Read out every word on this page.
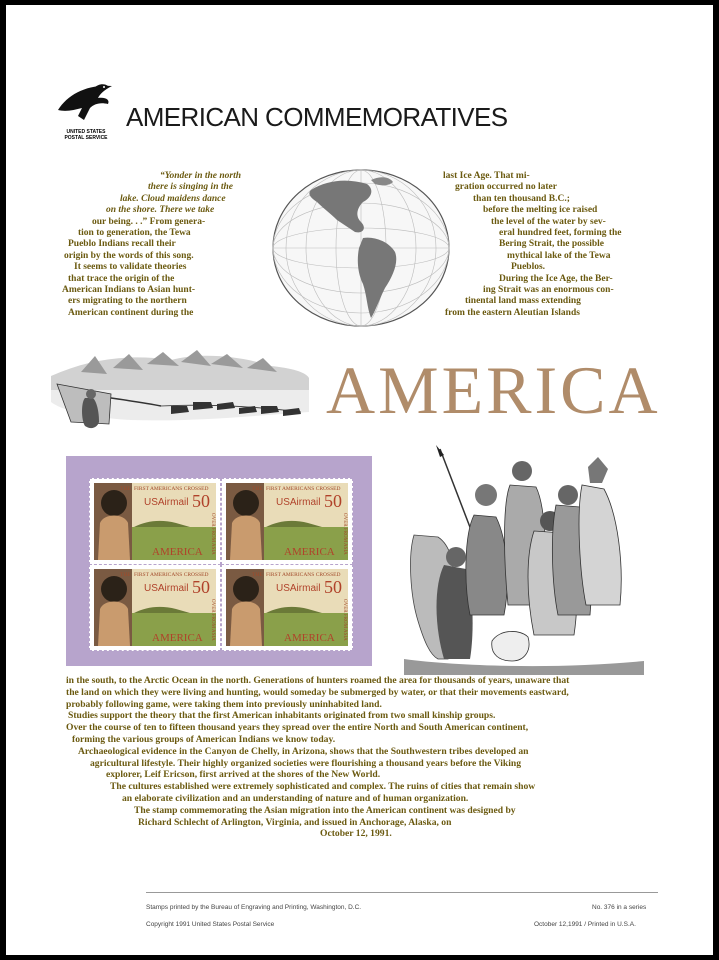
UNITED STATES
POSTAL SERVICE
AMERICAN COMMEMORATIVES
“Yonder in the north
there is singing in the
lake. Cloud maidens dance
on the shore. There we take
our being. . .” From genera-
tion to generation, the Tewa
Pueblo Indians recall their
origin by the words of this song.
It seems to validate theories
that trace the origin of the
American Indians to Asian hunt-
ers migrating to the northern
American continent during the
last Ice Age. That mi-
gration occurred no later
than ten thousand B.C.;
before the melting ice raised
the level of the water by sev-
eral hundred feet, forming the
Bering Strait, the possible
mythical lake of the Tewa
Pueblos.
During the Ice Age, the Ber-
ing Strait was an enormous con-
tinental land mass extending
from the eastern Aleutian Islands
AMERICA
FIRST AMERICANS CROSSED
THE
USAirmail 50
AMERICA OVER FROM ASIA
FIRST AMERICANS CROSSED
THE
USAirmail 50
AMERICA OVER FROM ASIA
FIRST AMERICANS CROSSED
THE
USAirmail 50
AMERICA OVER FROM ASIA
FIRST AMERICANS CROSSED
THE
USAirmail 50
AMERICA OVER FROM ASIA
in the south, to the Arctic Ocean in the north. Generations of hunters roamed the area for thousands of years, unaware that
the land on which they were living and hunting, would someday be submerged by water, or that their movements eastward,
probably following game, were taking them into previously uninhabited land.
Studies support the theory that the first American inhabitants originated from two small kinship groups.
Over the course of ten to fifteen thousand years they spread over the entire North and South American continent,
forming the various groups of American Indians we know today.
Archaeological evidence in the Canyon de Chelly, in Arizona, shows that the Southwestern tribes developed an
agricultural lifestyle. Their highly organized societies were flourishing a thousand years before the Viking
explorer, Leif Ericson, first arrived at the shores of the New World.
The cultures established were extremely sophisticated and complex. The ruins of cities that remain show
an elaborate civilization and an understanding of nature and of human organization.
The stamp commemorating the Asian migration into the American continent was designed by
Richard Schlecht of Arlington, Virginia, and issued in Anchorage, Alaska, on
October 12, 1991.
Stamps printed by the Bureau of Engraving and Printing, Washington, D.C.
Copyright 1991 United States Postal Service
No. 376 in a series
October 12,1991 / Printed in U.S.A.
